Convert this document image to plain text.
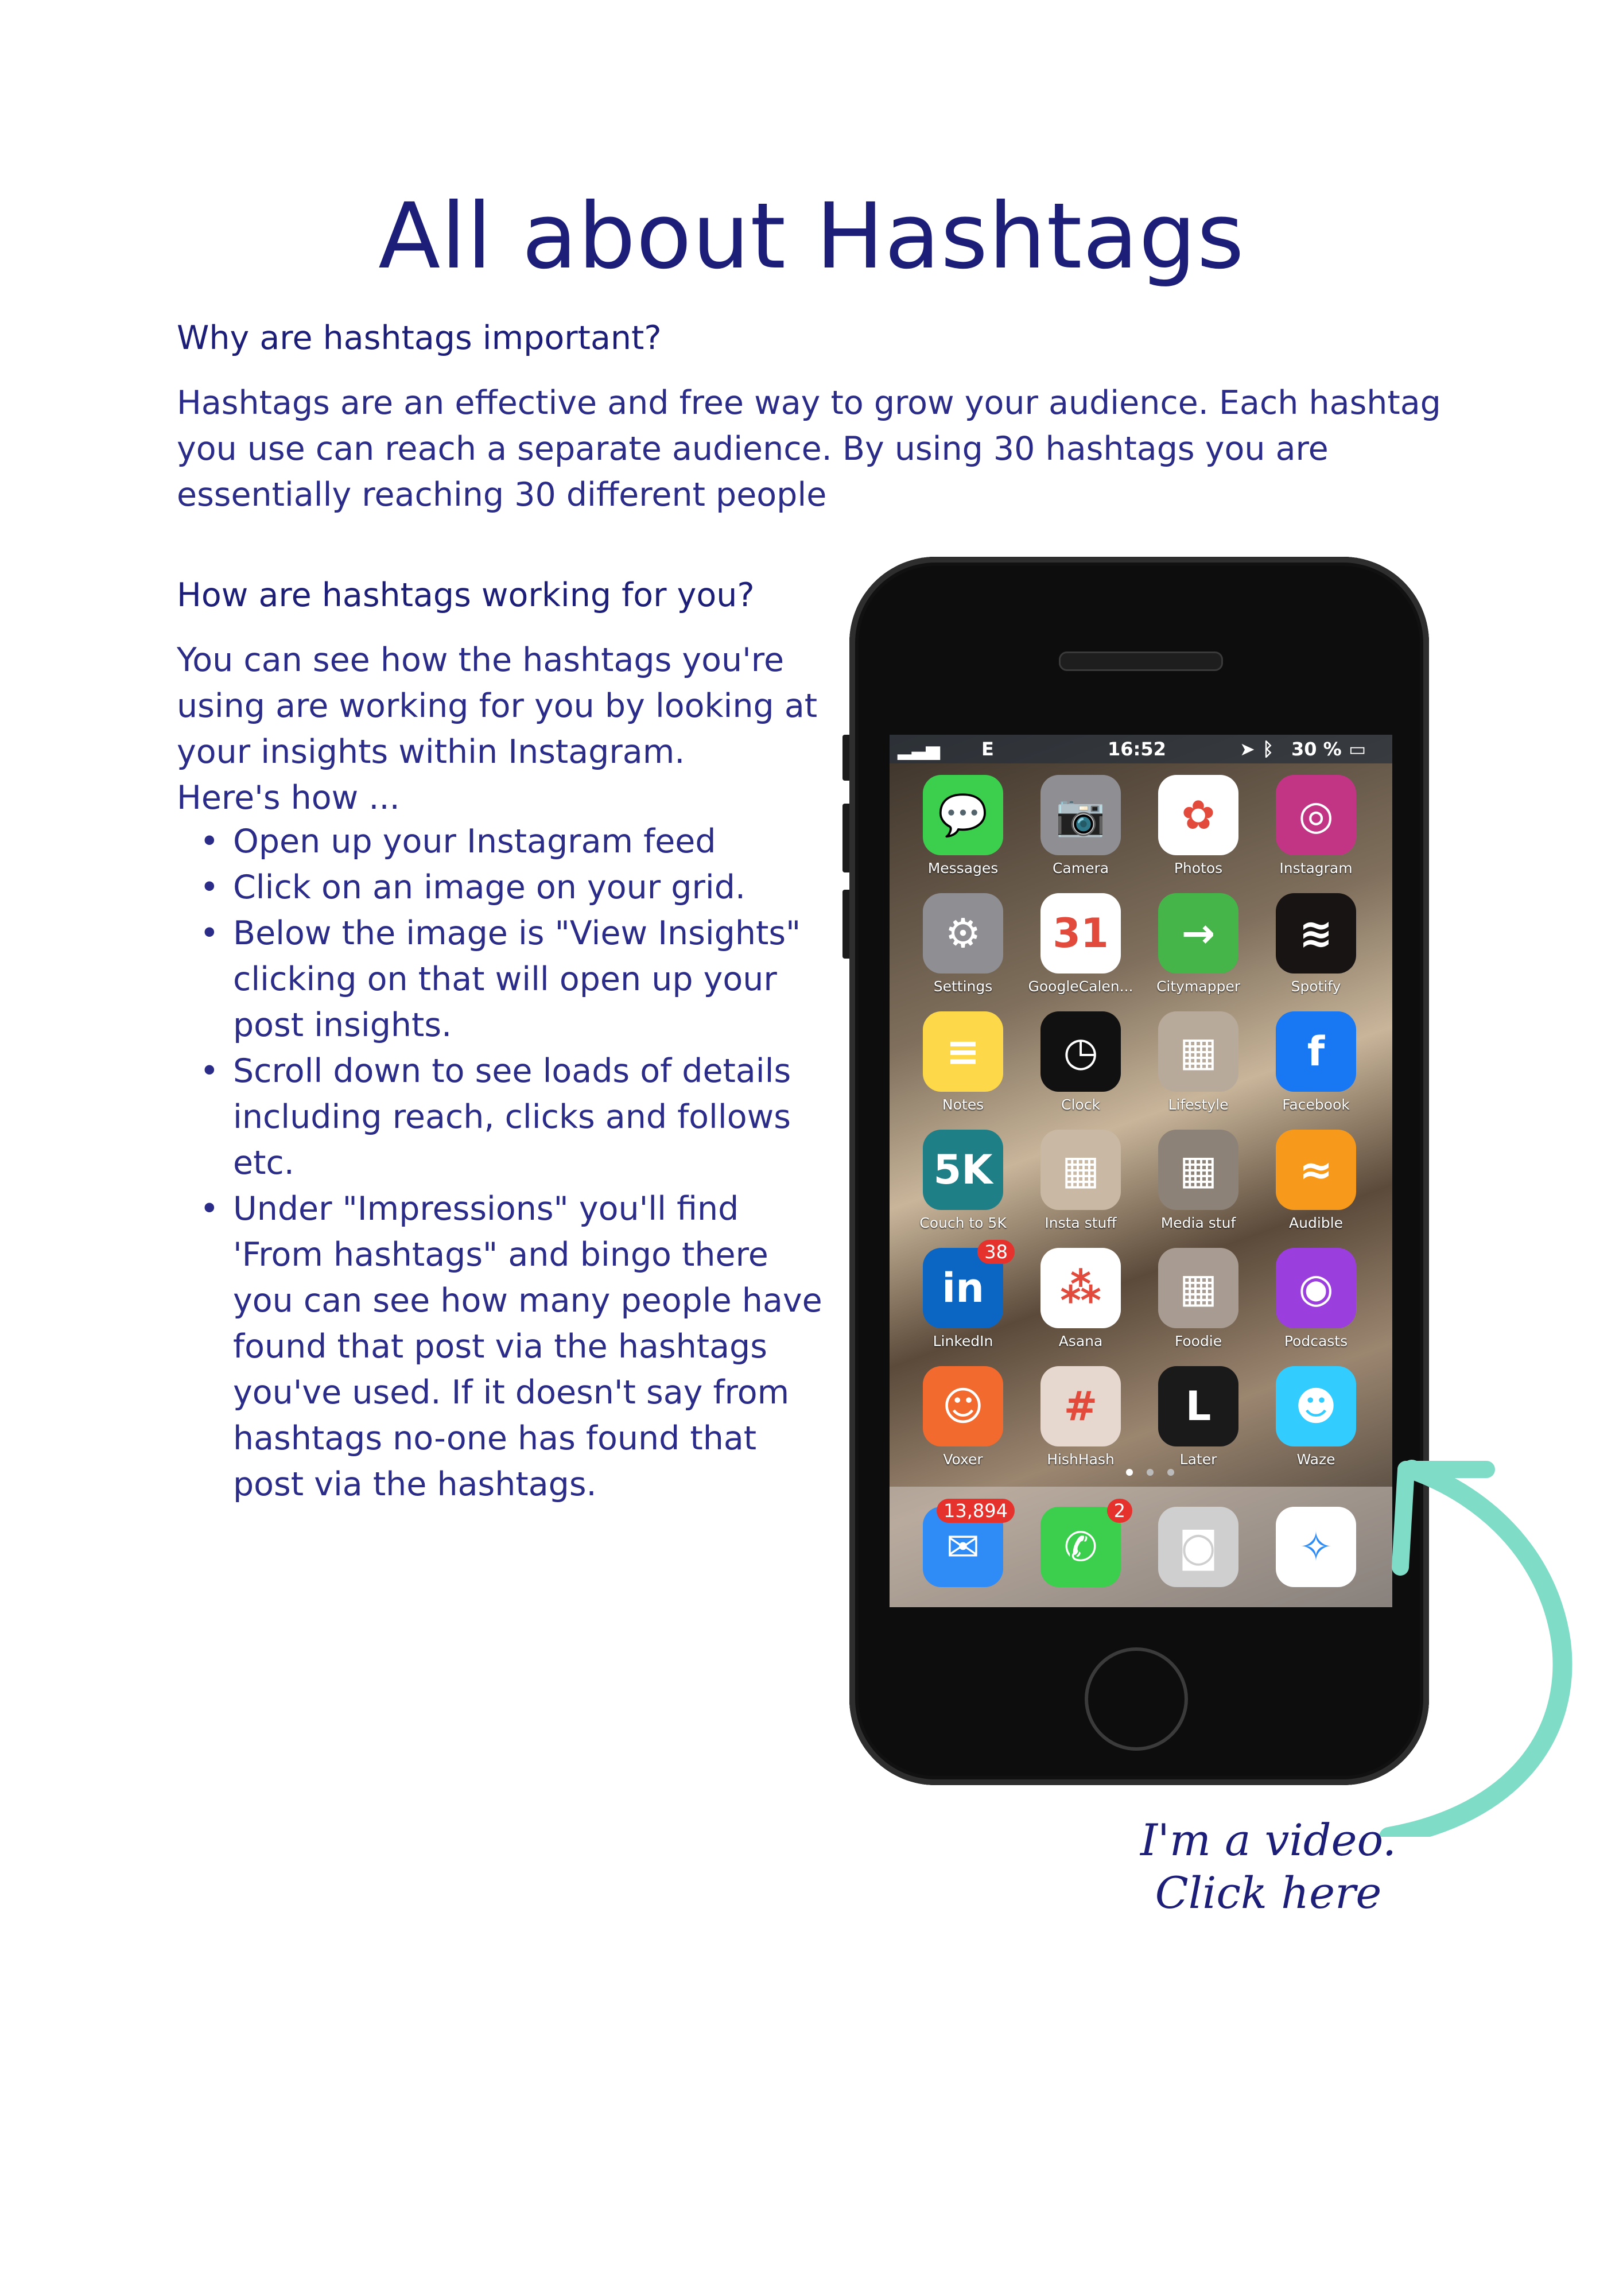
All about Hashtags
Why are hashtags important?
Hashtags are an effective and free way to grow your audience. Each hashtag you use can reach a separate audience. By using 30 hashtags you are essentially reaching 30 different people
How are hashtags working for you?
You can see how the hashtags you're using are working for you by looking at your insights within Instagram.
Here's how ...
• Open up your Instagram feed
• Click on an image on your grid.
• Below the image is "View Insights" clicking on that will open up your post insights.
• Scroll down to see loads of details including reach, clicks and follows etc.
• Under "Impressions" you'll find 'From hashtags" and bingo there you can see how many people have found that post via the hashtags you've used. If it doesn't say from hashtags no-one has found that post via the hashtags.
▂▃▅ E	16:52	➤ ᛒ 30 % ▭
💬
Messages
📷
Camera
✿
Photos
◎
Instagram
⚙
Settings
31
GoogleCalen...
→
Citymapper
≋
Spotify
≡
Notes
◷
Clock
▦
Lifestyle
f
Facebook
5K
Couch to 5K
▦
Insta stuff
▦
Media stuf
≈
Audible
in
38
LinkedIn
⁂
Asana
▦
Foodie
◉
Podcasts
☺
Voxer
#
HishHash
L
Later
☻
Waze
✉
13,894
✆
2
◙	✧
I'm a video.
Click here
